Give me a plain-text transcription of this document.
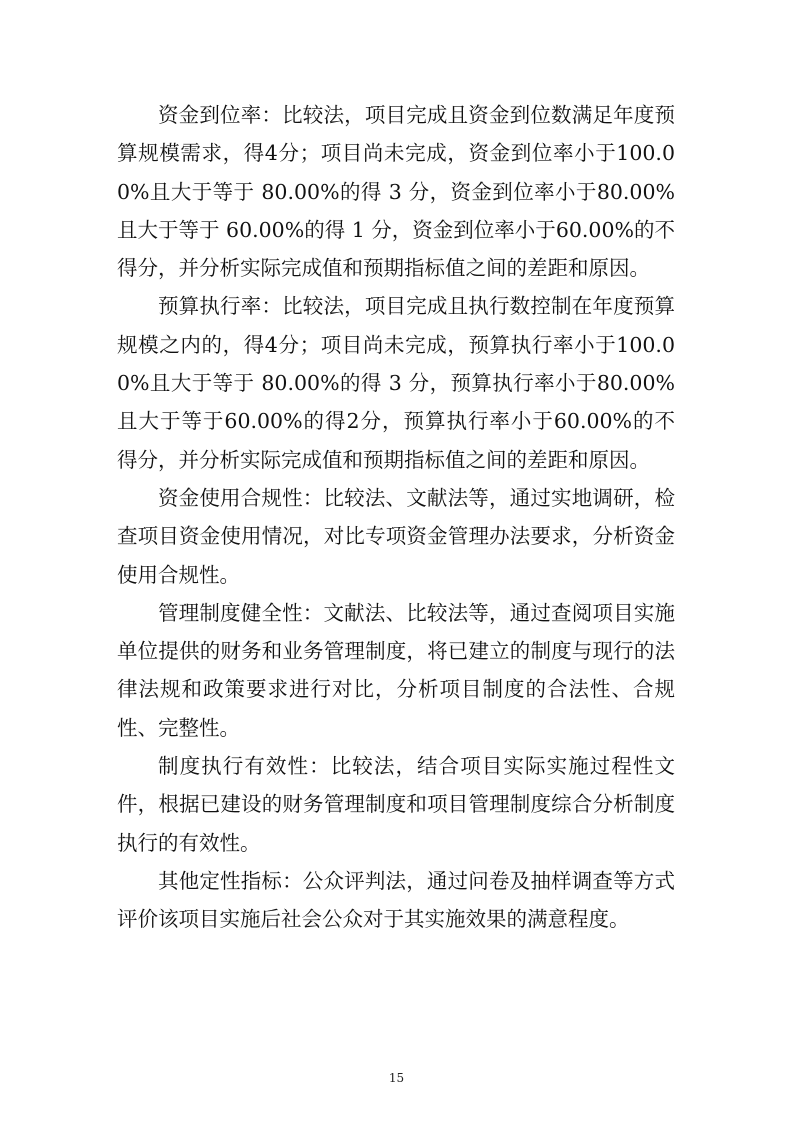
资金到位率：比较法，项目完成且资金到位数满足年度预算规模需求，得4分；项目尚未完成，资金到位率小于100.00%且大于等于 80.00%的得 3 分，资金到位率小于80.00%且大于等于 60.00%的得 1 分，资金到位率小于60.00%的不得分，并分析实际完成值和预期指标值之间的差距和原因。

预算执行率：比较法，项目完成且执行数控制在年度预算规模之内的，得4分；项目尚未完成，预算执行率小于100.00%且大于等于 80.00%的得 3 分，预算执行率小于80.00%且大于等于60.00%的得2分，预算执行率小于60.00%的不得分，并分析实际完成值和预期指标值之间的差距和原因。

资金使用合规性：比较法、文献法等，通过实地调研，检查项目资金使用情况，对比专项资金管理办法要求，分析资金使用合规性。

管理制度健全性：文献法、比较法等，通过查阅项目实施单位提供的财务和业务管理制度，将已建立的制度与现行的法律法规和政策要求进行对比，分析项目制度的合法性、合规性、完整性。

制度执行有效性：比较法，结合项目实际实施过程性文件，根据已建设的财务管理制度和项目管理制度综合分析制度执行的有效性。

其他定性指标：公众评判法，通过问卷及抽样调查等方式评价该项目实施后社会公众对于其实施效果的满意程度。

15
